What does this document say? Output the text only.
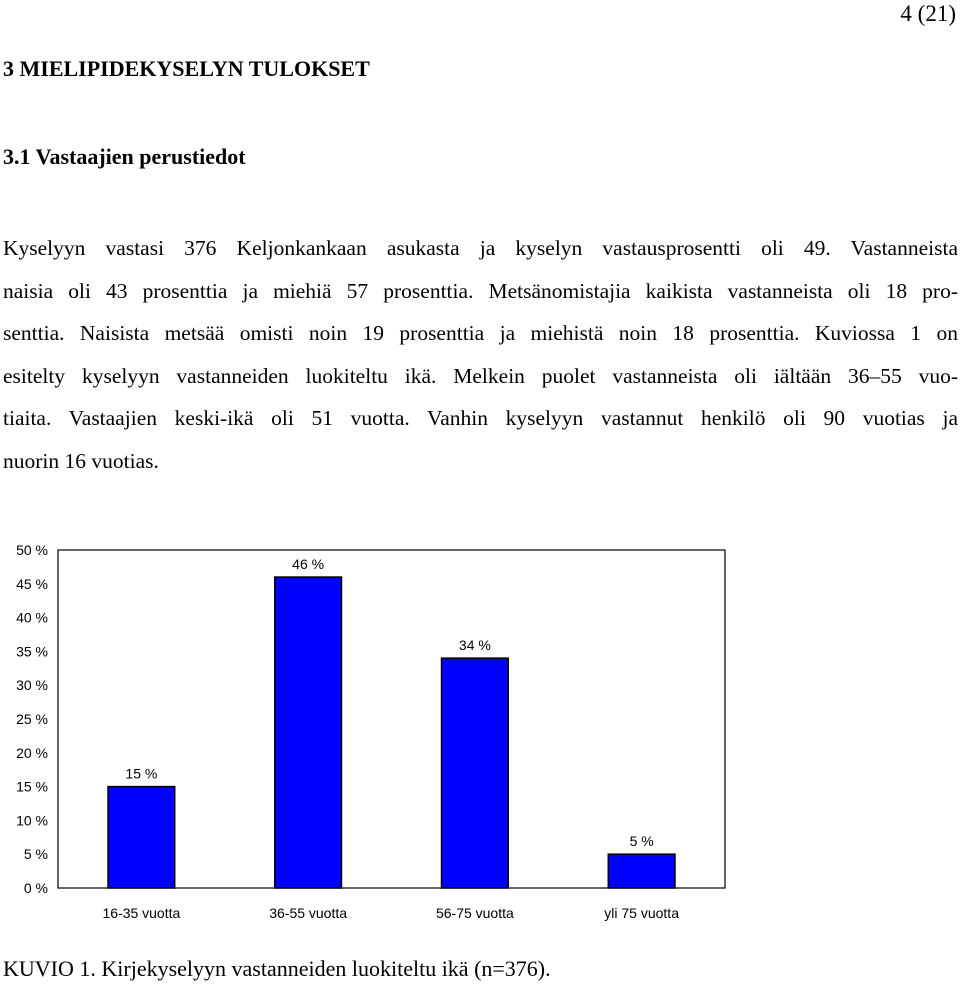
4 (21)
3 MIELIPIDEKYSELYN TULOKSET
3.1 Vastaajien perustiedot
Kyselyyn vastasi 376 Keljonkankaan asukasta ja kyselyn vastausprosentti oli 49. Vastanneista
naisia oli 43 prosenttia ja miehiä 57 prosenttia. Metsänomistajia kaikista vastanneista oli 18 pro-
senttia. Naisista metsää omisti noin 19 prosenttia ja miehistä noin 18 prosenttia. Kuviossa 1 on
esitelty kyselyyn vastanneiden luokiteltu ikä. Melkein puolet vastanneista oli iältään 36–55 vuo-
tiaita. Vastaajien keski-ikä oli 51 vuotta. Vanhin kyselyyn vastannut henkilö oli 90 vuotias ja
nuorin 16 vuotias.
0 %
5 %
10 %
15 %
20 %
25 %
30 %
35 %
40 %
45 %
50 %
15 %
16-35 vuotta
46 %
36-55 vuotta
34 %
56-75 vuotta
5 %
yli 75 vuotta

KUVIO 1. Kirjekyselyyn vastanneiden luokiteltu ikä (n=376).
